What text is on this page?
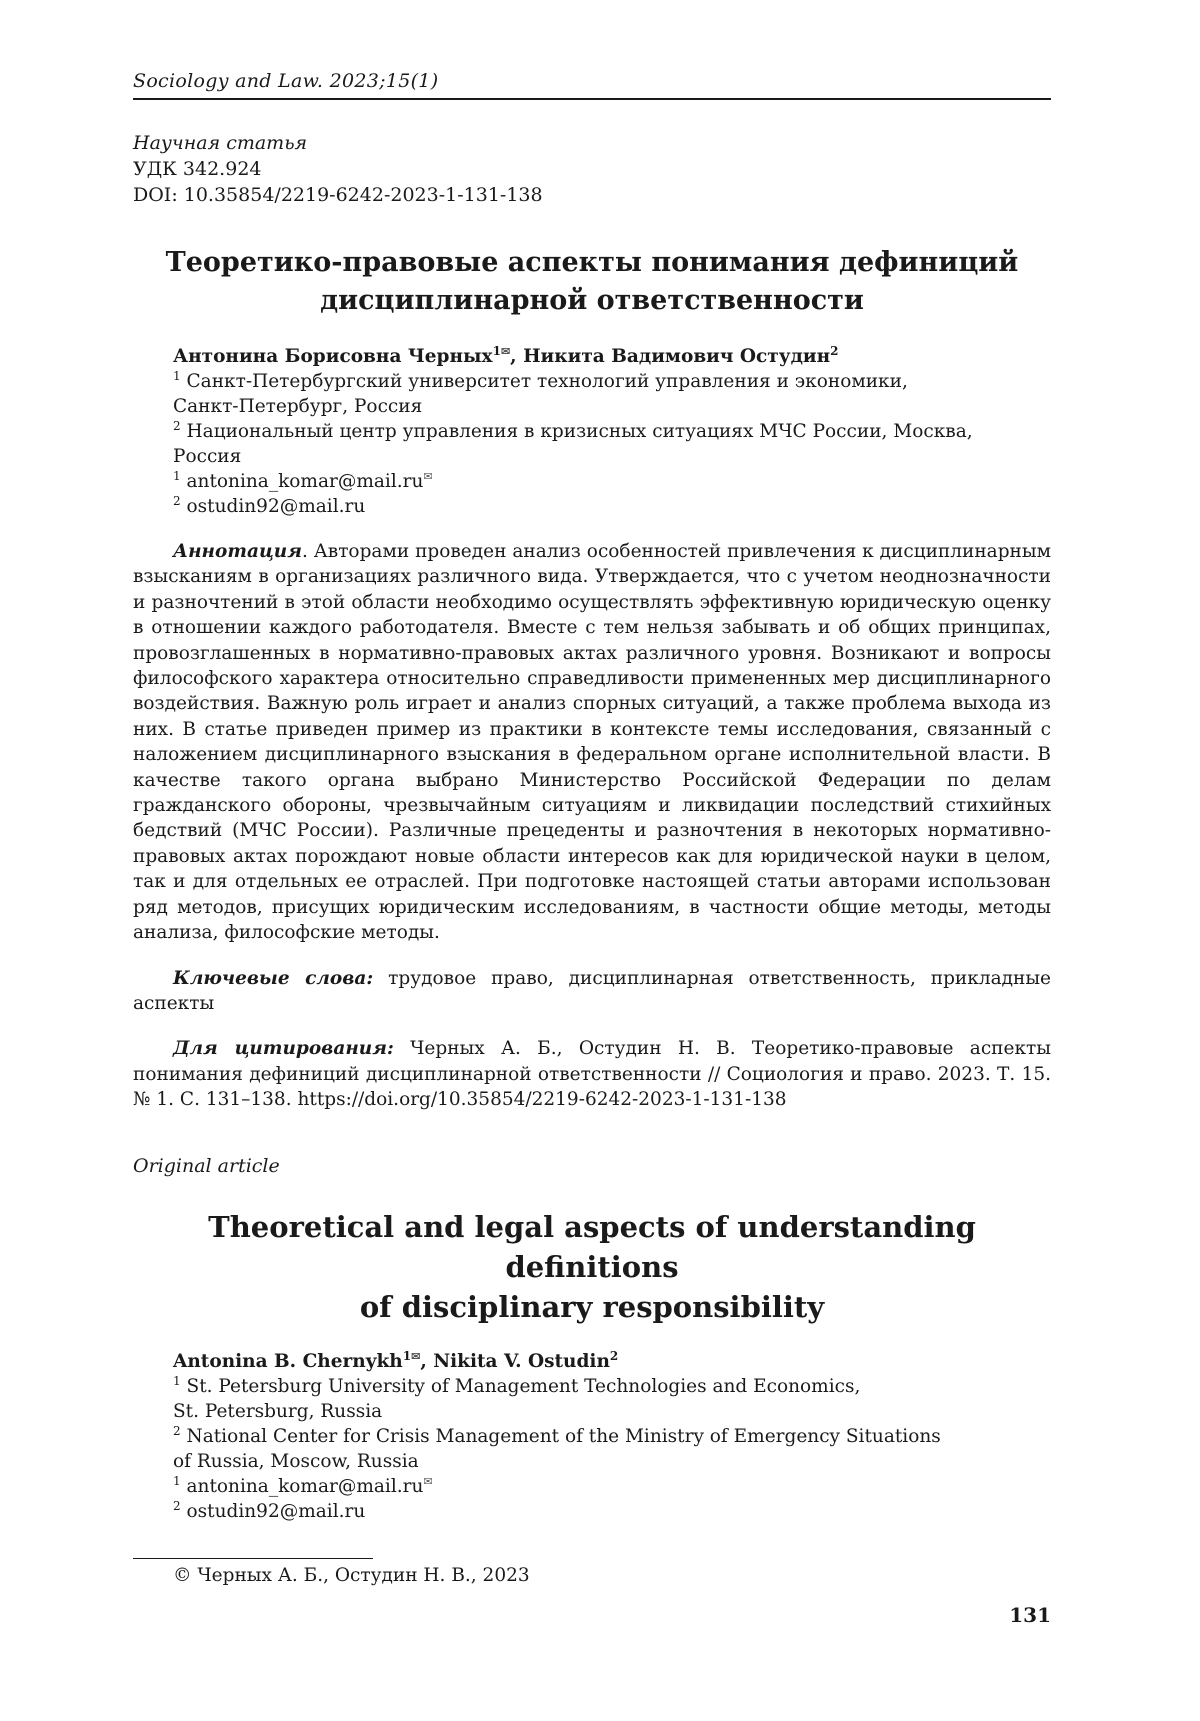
Sociology and Law. 2023;15(1)
Научная статья
УДК 342.924
DOI: 10.35854/2219-6242-2023-1-131-138
Теоретико-правовые аспекты понимания дефиниций
дисциплинарной ответственности
Антонина Борисовна Черных$^{1✉}$, Никита Вадимович Остудин$^2$
$^1$ Санкт-Петербургский университет технологий управления и экономики,
Санкт-Петербург, Россия
$^2$ Национальный центр управления в кризисных ситуациях МЧС России, Москва,
Россия
$^1$ antonina_komar@mail.ru✉
$^2$ ostudin92@mail.ru
Аннотация. Авторами проведен анализ особенностей привлечения к дисциплинарным взысканиям в организациях различного вида. Утверждается, что с учетом неоднозначности и разночтений в этой области необходимо осуществлять эффективную юридическую оценку в отношении каждого работодателя. Вместе с тем нельзя забывать и об общих принципах, провозглашенных в нормативно-правовых актах различного уровня. Возникают и вопросы философского характера относительно справедливости примененных мер дисциплинарного воздействия. Важную роль играет и анализ спорных ситуаций, а также проблема выхода из них. В статье приведен пример из практики в контексте темы исследования, связанный с наложением дисциплинарного взыскания в федеральном органе исполнительной власти. В качестве такого органа выбрано Министерство Российской Федерации по делам гражданского обороны, чрезвычайным ситуациям и ликвидации последствий стихийных бедствий (МЧС России). Различные прецеденты и разночтения в некоторых нормативно-правовых актах порождают новые области интересов как для юридической науки в целом, так и для отдельных ее отраслей. При подготовке настоящей статьи авторами использован ряд методов, присущих юридическим исследованиям, в частности общие методы, методы анализа, философские методы.
Ключевые слова: трудовое право, дисциплинарная ответственность, прикладные аспекты
Для цитирования: Черных А. Б., Остудин Н. В. Теоретико-правовые аспекты понимания дефиниций дисциплинарной ответственности // Социология и право. 2023. Т. 15. № 1. С. 131–138. https://doi.org/10.35854/2219-6242-2023-1-131-138
Original article
Theoretical and legal aspects of understanding definitions
of disciplinary responsibility
Antonina B. Chernykh$^{1✉}$, Nikita V. Ostudin$^2$
$^1$ St. Petersburg University of Management Technologies and Economics,
St. Petersburg, Russia
$^2$ National Center for Crisis Management of the Ministry of Emergency Situations
of Russia, Moscow, Russia
$^1$ antonina_komar@mail.ru✉
$^2$ ostudin92@mail.ru
© Черных А. Б., Остудин Н. В., 2023
131
